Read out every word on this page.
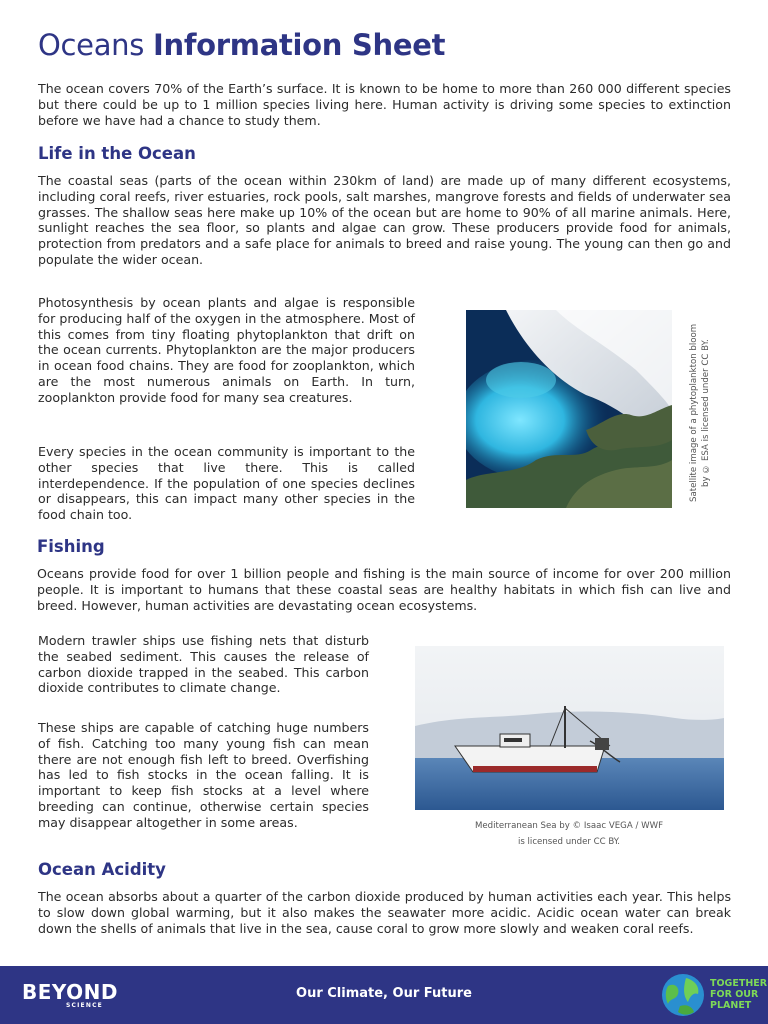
Oceans Information Sheet

The ocean covers 70% of the Earth’s surface. It is known to be home to more than 260 000 different species but there could be up to 1 million species living here. Human activity is driving some species to extinction before we have had a chance to study them.

Life in the Ocean

The coastal seas (parts of the ocean within 230km of land) are made up of many different ecosystems, including coral reefs, river estuaries, rock pools, salt marshes, mangrove forests and fields of underwater sea grasses. The shallow seas here make up 10% of the ocean but are home to 90% of all marine animals. Here, sunlight reaches the sea floor, so plants and algae can grow. These producers provide food for animals, protection from predators and a safe place for animals to breed and raise young. The young can then go and populate the wider ocean.

Photosynthesis by ocean plants and algae is responsible for producing half of the oxygen in the atmosphere. Most of this comes from tiny floating phytoplankton that drift on the ocean currents. Phytoplankton are the major producers in ocean food chains. They are food for zooplankton, which are the most numerous animals on Earth. In turn, zooplankton provide food for many sea creatures.

Every species in the ocean community is important to the other species that live there. This is called interdependence. If the population of one species declines or disappears, this can impact many other species in the food chain too.

Satellite image of a phytoplankton bloom by © ESA is licensed under CC BY.
Fishing

Oceans provide food for over 1 billion people and fishing is the main source of income for over 200 million people. It is important to humans that these coastal seas are healthy habitats in which fish can live and breed. However, human activities are devastating ocean ecosystems.

Modern trawler ships use fishing nets that disturb the seabed sediment. This causes the release of carbon dioxide trapped in the seabed. This carbon dioxide contributes to climate change.

These ships are capable of catching huge numbers of fish. Catching too many young fish can mean there are not enough fish left to breed. Overfishing has led to fish stocks in the ocean falling. It is important to keep fish stocks at a level where breeding can continue, otherwise certain species may disappear altogether in some areas.	Mediterranean Sea by © Isaac VEGA / WWF
is licensed under CC BY.
Ocean Acidity

The ocean absorbs about a quarter of the carbon dioxide produced by human activities each year. This helps to slow down global warming, but it also makes the seawater more acidic. Acidic ocean water can break down the shells of animals that live in the sea, cause coral to grow more slowly and weaken coral reefs.

BEYOND
SCIENCE
Our Climate, Our Future
TOGETHER
FOR OUR
PLANET
